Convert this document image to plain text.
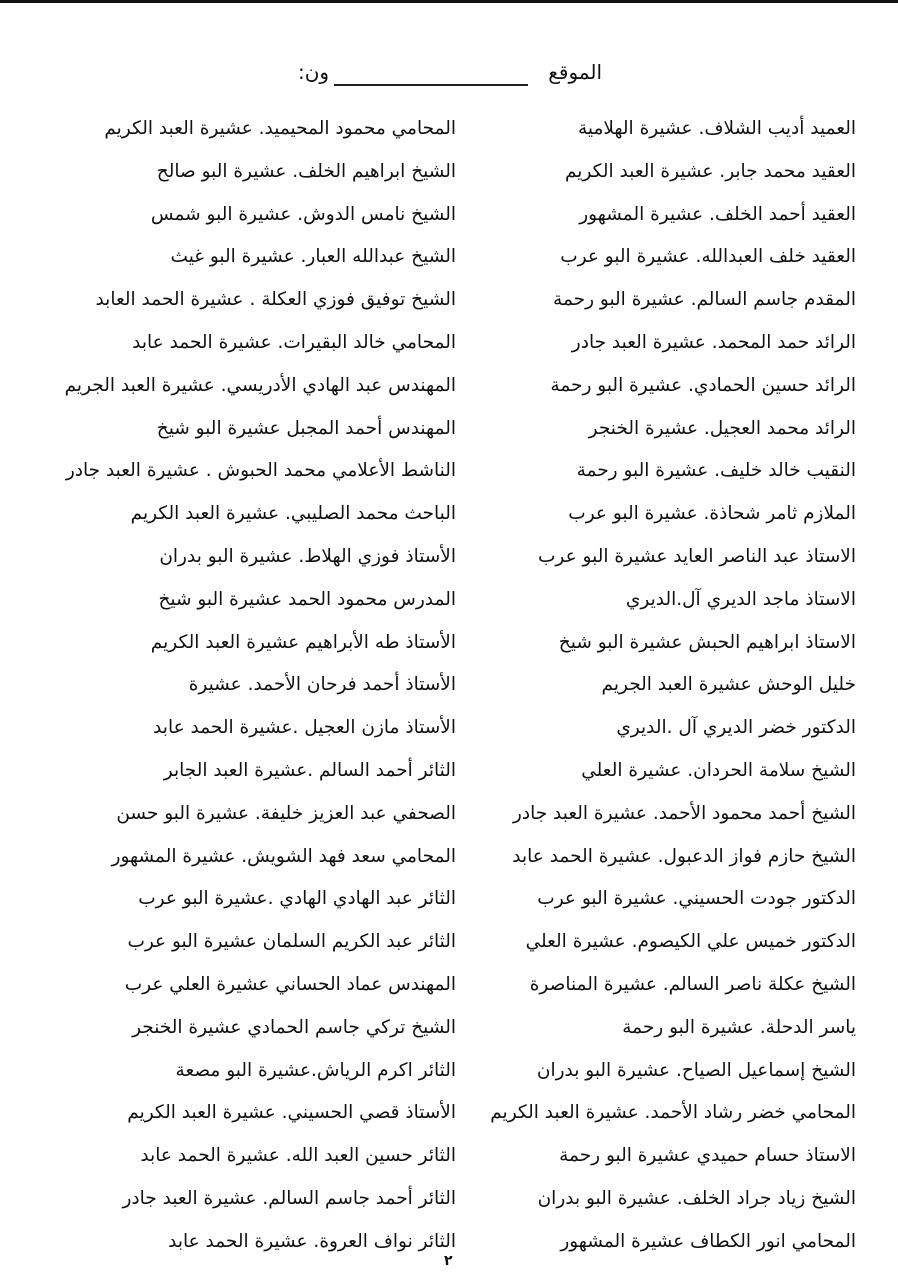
الموقع
ون:
العميد أديب الشلاف. عشيرة الهلامية
العقيد محمد جابر. عشيرة العبد الكريم
العقيد أحمد الخلف. عشيرة المشهور
العقيد خلف العبدالله. عشيرة البو عرب
المقدم جاسم السالم. عشيرة البو رحمة
الرائد حمد المحمد. عشيرة العبد جادر
الرائد حسين الحمادي. عشيرة البو رحمة
الرائد محمد العجيل. عشيرة الخنجر
النقيب خالد خليف. عشيرة البو رحمة
الملازم ثامر شحاذة. عشيرة البو عرب
الاستاذ عبد الناصر العايد عشيرة البو عرب
الاستاذ ماجد الديري آل.الديري
الاستاذ ابراهيم الحبش عشيرة البو شيخ
خليل الوحش عشيرة العبد الجريم
الدكتور خضر الديري آل .الديري
الشيخ سلامة الحردان. عشيرة العلي
الشيخ أحمد محمود الأحمد. عشيرة العبد جادر
الشيخ حازم فواز الدعبول. عشيرة الحمد عابد
الدكتور جودت الحسيني. عشيرة البو عرب
الدكتور خميس علي الكيصوم. عشيرة العلي
الشيخ عكلة ناصر السالم. عشيرة المناصرة
ياسر الدحلة. عشيرة البو رحمة
الشيخ إسماعيل الصياح. عشيرة البو بدران
المحامي خضر رشاد الأحمد. عشيرة العبد الكريم
الاستاذ حسام حميدي عشيرة البو رحمة
الشيخ زياد جراد الخلف. عشيرة البو بدران
المحامي انور الكطاف عشيرة المشهور
المحامي محمود المحيميد. عشيرة العبد الكريم
الشيخ ابراهيم الخلف. عشيرة البو صالح
الشيخ نامس الدوش. عشيرة البو شمس
الشيخ عبدالله العبار. عشيرة البو غيث
الشيخ توفيق فوزي العكلة . عشيرة الحمد العابد
المحامي خالد البقيرات. عشيرة الحمد عابد
المهندس عبد الهادي الأدريسي. عشيرة العبد الجريم
المهندس أحمد المجبل عشيرة البو شيخ
الناشط الأعلامي محمد الحبوش . عشيرة العبد جادر
الباحث محمد الصليبي. عشيرة العبد الكريم
الأستاذ فوزي الهلاط. عشيرة البو بدران
المدرس محمود الحمد عشيرة البو شيخ
الأستاذ طه الأبراهيم عشيرة العبد الكريم
الأستاذ أحمد فرحان الأحمد. عشيرة
الأستاذ مازن العجيل .عشيرة الحمد عابد
الثائر أحمد السالم .عشيرة العبد الجابر
الصحفي عبد العزيز خليفة. عشيرة البو حسن
المحامي سعد فهد الشويش. عشيرة المشهور
الثائر عبد الهادي الهادي .عشيرة البو عرب
الثائر عبد الكريم السلمان عشيرة البو عرب
المهندس عماد الحساني عشيرة العلي عرب
الشيخ تركي جاسم الحمادي عشيرة الخنجر
الثائر اكرم الرياش.عشيرة البو مصعة
الأستاذ قصي الحسيني. عشيرة العبد الكريم
الثائر حسين العبد الله. عشيرة الحمد عابد
الثائر أحمد جاسم السالم. عشيرة العبد جادر
الثائر نواف العروة. عشيرة الحمد عابد
٢
